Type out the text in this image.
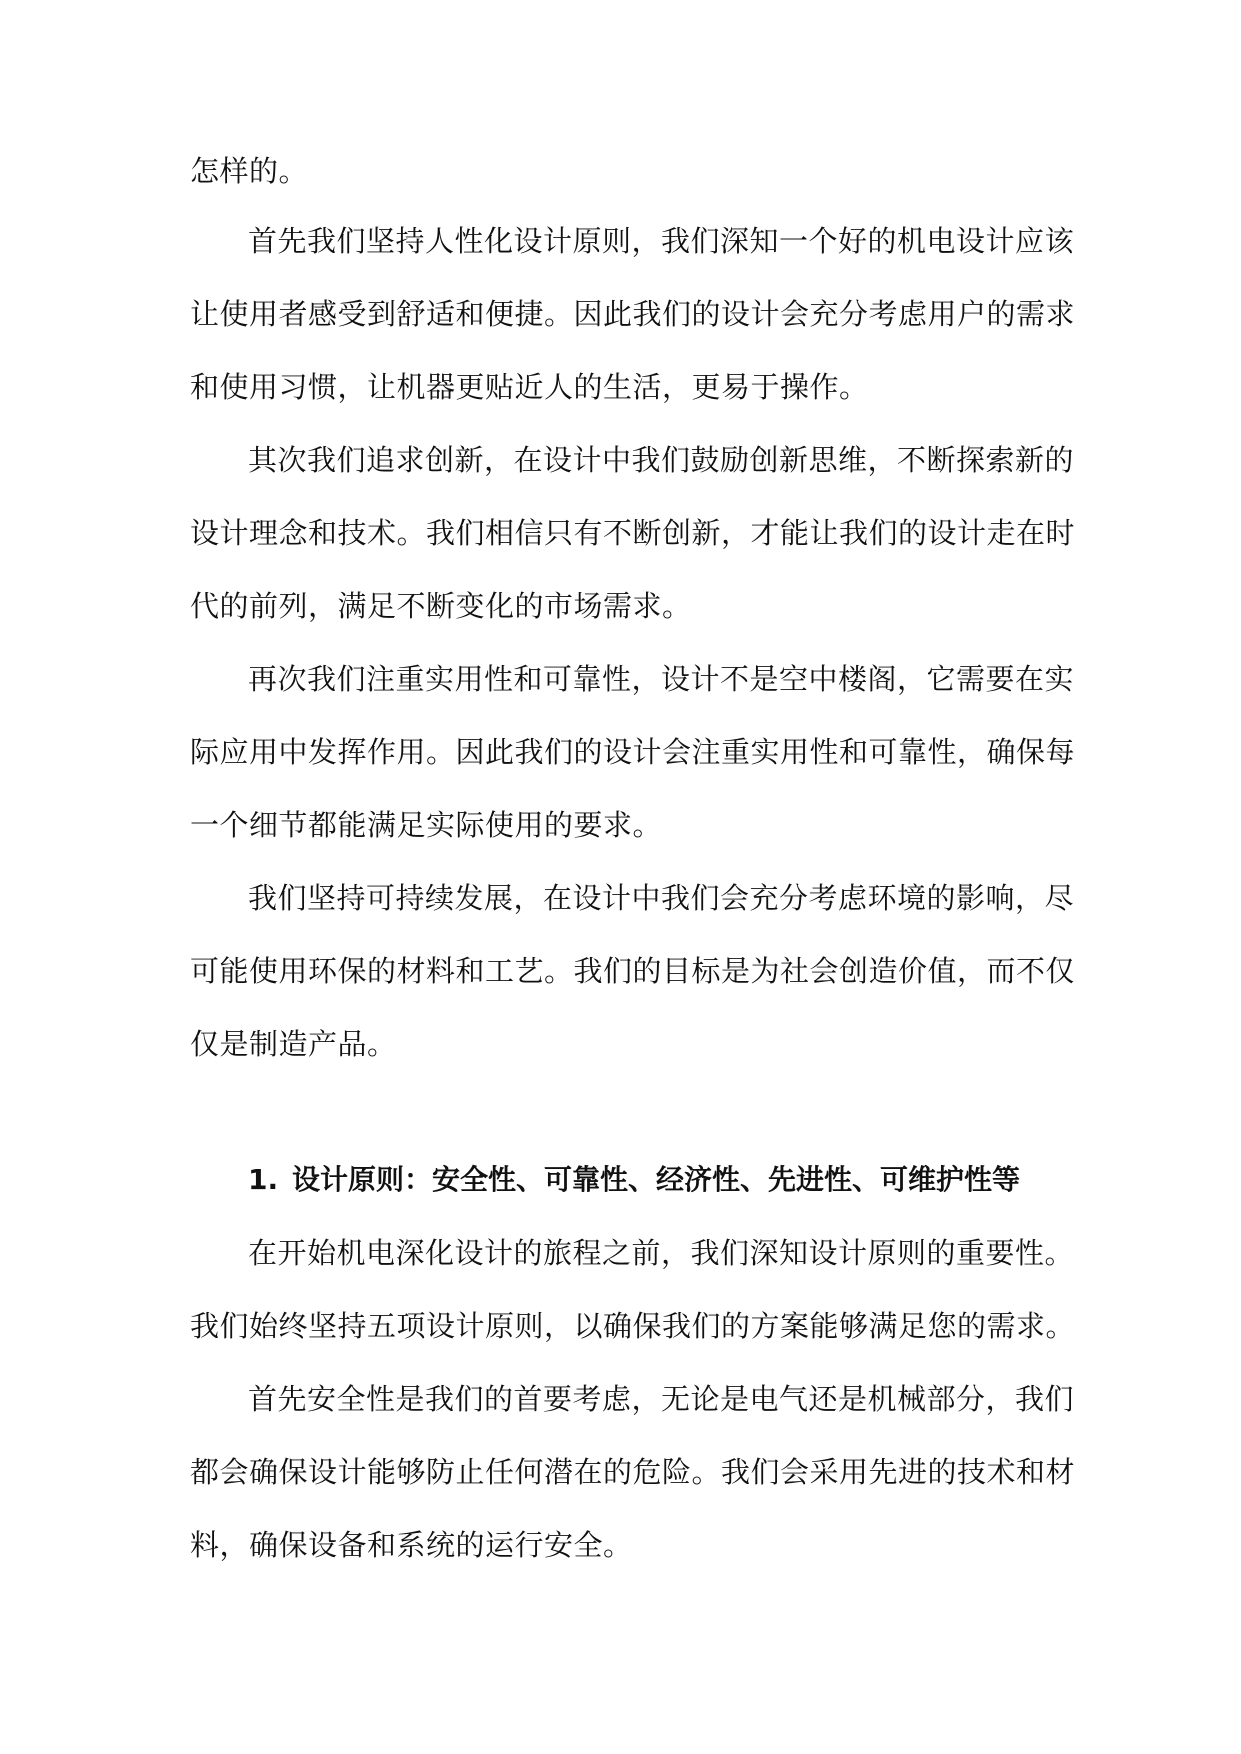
怎样的。
首先我们坚持人性化设计原则，我们深知一个好的机电设计应该
让使用者感受到舒适和便捷。因此我们的设计会充分考虑用户的需求
和使用习惯，让机器更贴近人的生活，更易于操作。
其次我们追求创新，在设计中我们鼓励创新思维，不断探索新的
设计理念和技术。我们相信只有不断创新，才能让我们的设计走在时
代的前列，满足不断变化的市场需求。
再次我们注重实用性和可靠性，设计不是空中楼阁，它需要在实
际应用中发挥作用。因此我们的设计会注重实用性和可靠性，确保每
一个细节都能满足实际使用的要求。
我们坚持可持续发展，在设计中我们会充分考虑环境的影响，尽
可能使用环保的材料和工艺。我们的目标是为社会创造价值，而不仅
仅是制造产品。
1. 设计原则：安全性、可靠性、经济性、先进性、可维护性等
在开始机电深化设计的旅程之前，我们深知设计原则的重要性。
我们始终坚持五项设计原则，以确保我们的方案能够满足您的需求。
首先安全性是我们的首要考虑，无论是电气还是机械部分，我们
都会确保设计能够防止任何潜在的危险。我们会采用先进的技术和材
料，确保设备和系统的运行安全。
